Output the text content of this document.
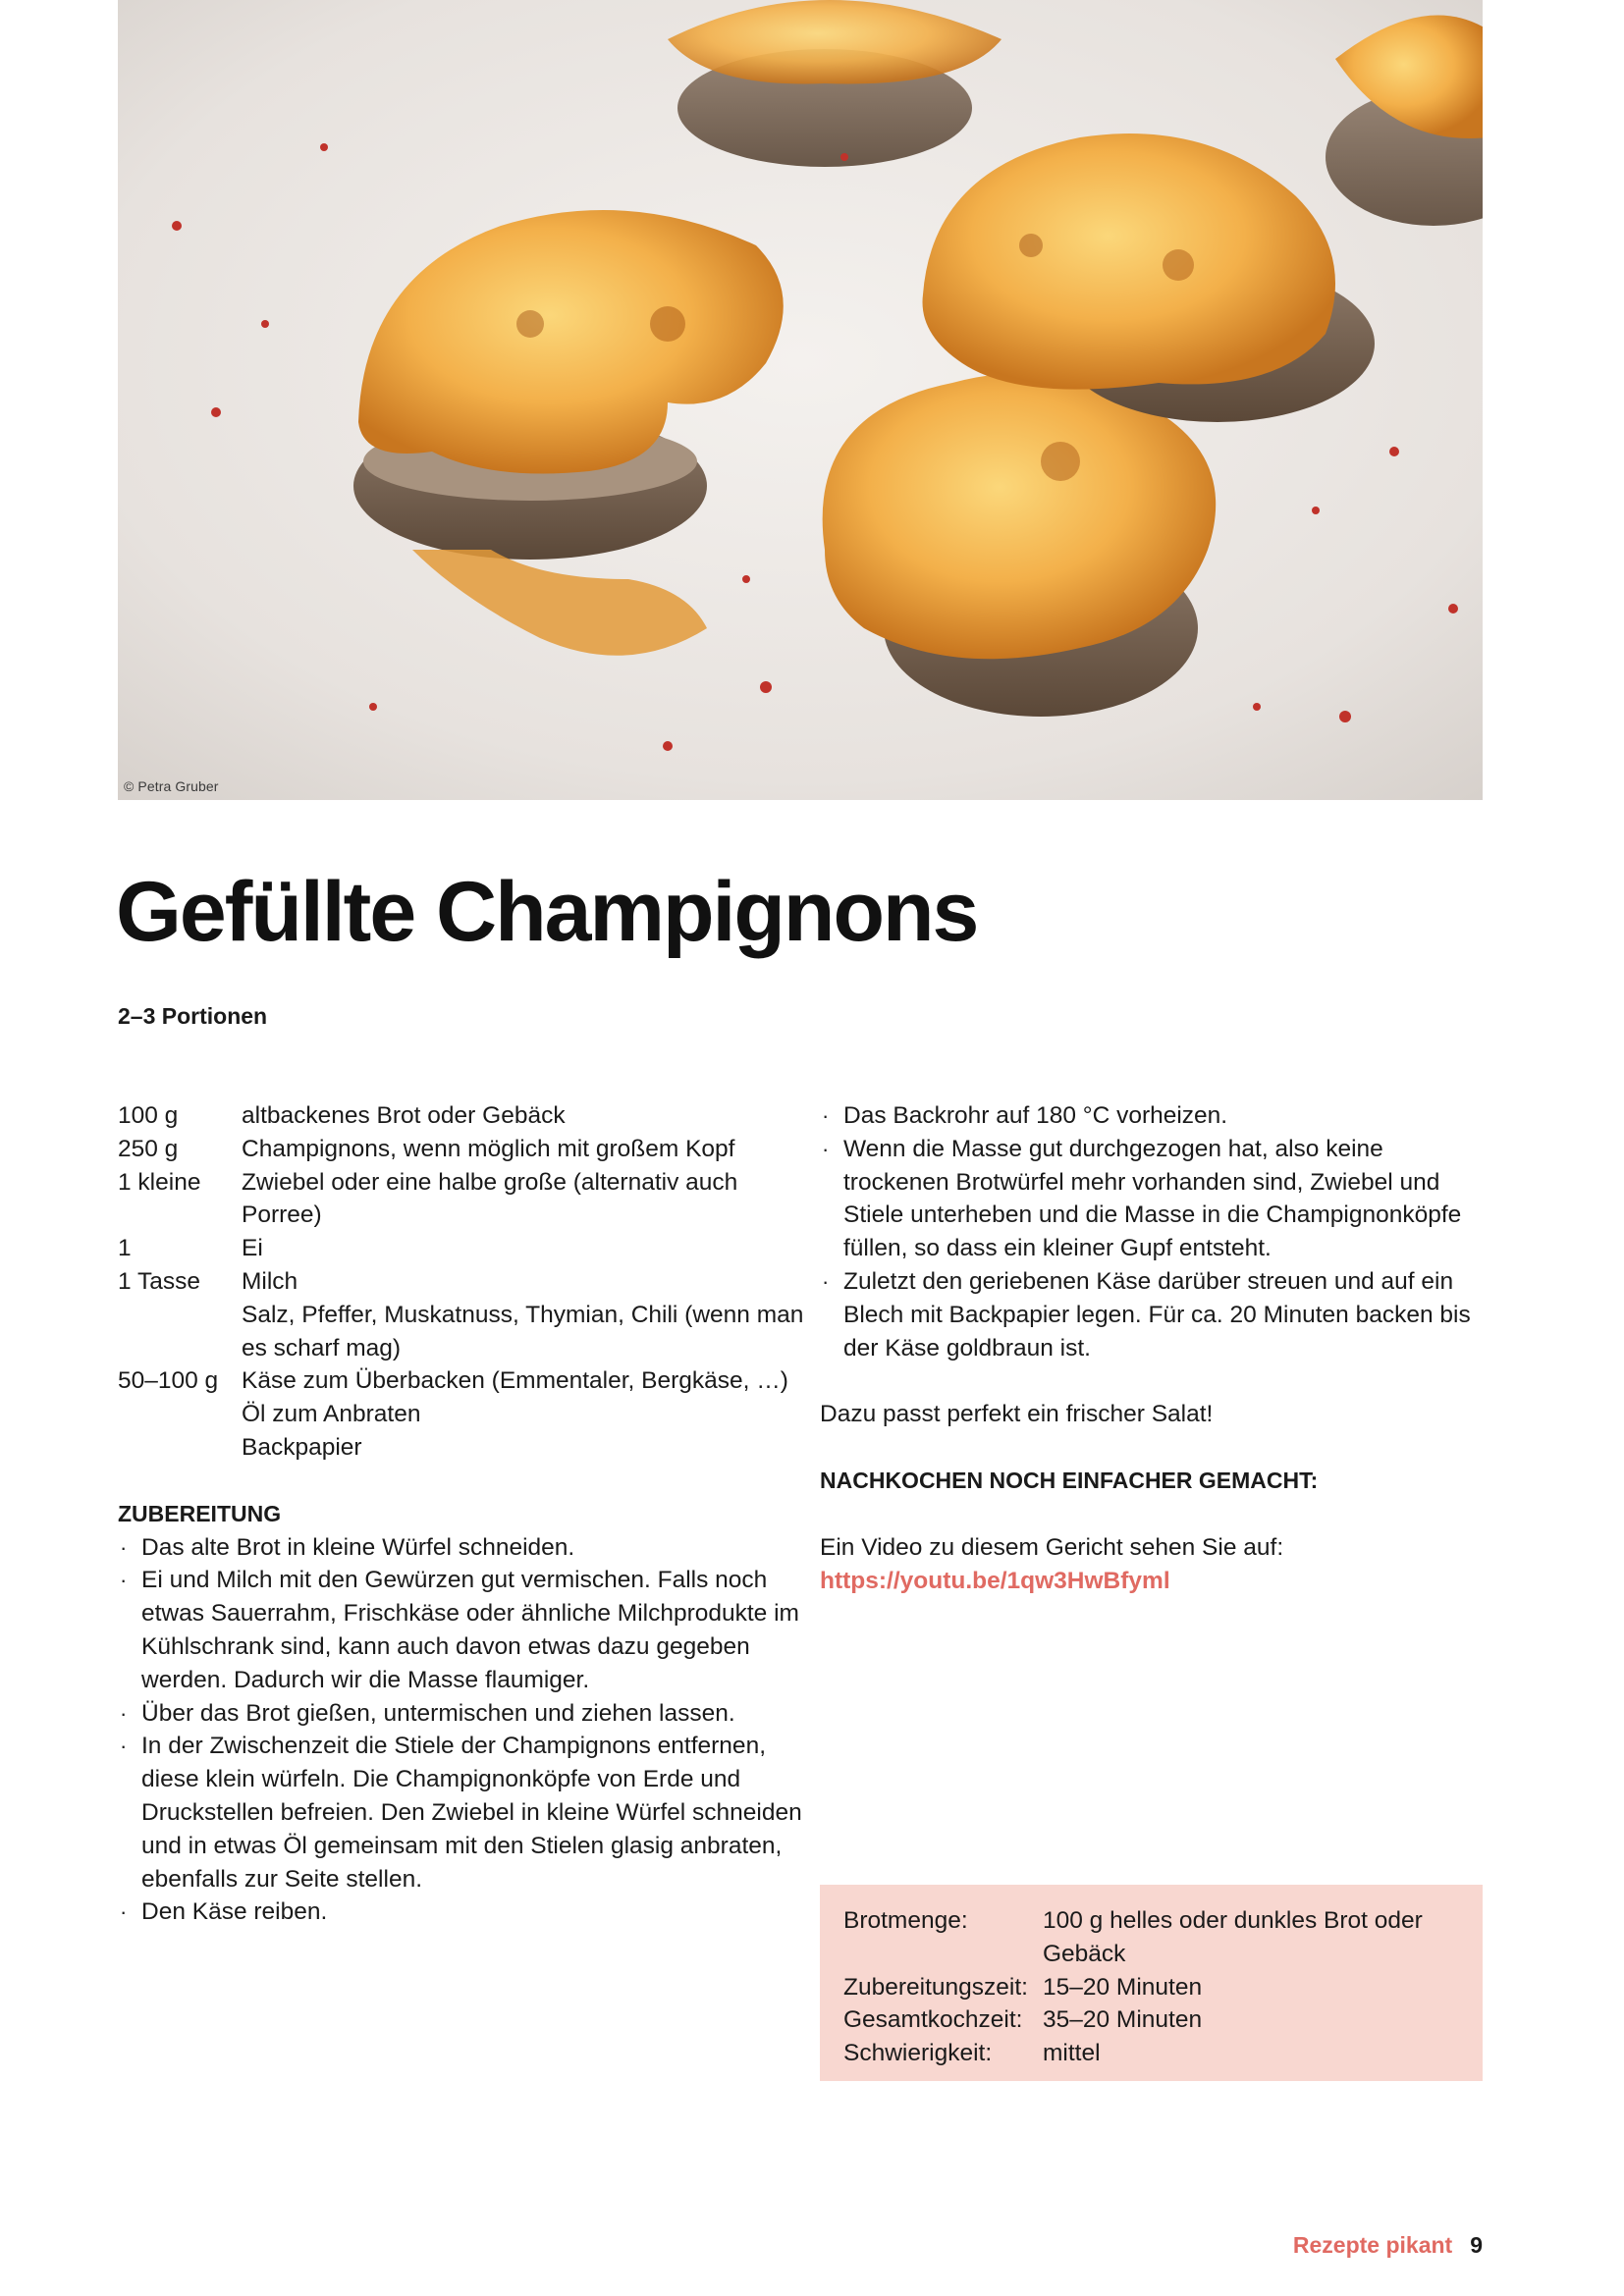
© Petra Gruber
Gefüllte Champignons
2–3 Portionen
100 g	altbackenes Brot oder Gebäck
250 g	Champignons, wenn möglich mit großem Kopf
1 kleine	Zwiebel oder eine halbe große (alternativ auch Porree)
1	Ei
1 Tasse	Milch
Salz, Pfeffer, Muskatnuss, Thymian, Chili (wenn man es scharf mag)
50–100 g Käse zum Überbacken (Emmentaler, Bergkäse, …)
Öl zum Anbraten
Backpapier
ZUBEREITUNG
· Das alte Brot in kleine Würfel schneiden.
· Ei und Milch mit den Gewürzen gut vermischen. Falls noch etwas Sauerrahm, Frischkäse oder ähnliche Milchprodukte im Kühlschrank sind, kann auch davon etwas dazu gegeben werden. Dadurch wir die Masse flaumiger.
· Über das Brot gießen, untermischen und ziehen lassen.
· In der Zwischenzeit die Stiele der Champignons entfernen, diese klein würfeln. Die Champignonköpfe von Erde und Druckstellen befreien. Den Zwiebel in kleine Würfel schneiden und in etwas Öl gemeinsam mit den Stielen glasig anbraten, ebenfalls zur Seite stellen.
· Den Käse reiben.
· Das Backrohr auf 180 °C vorheizen.
· Wenn die Masse gut durchgezogen hat, also keine trockenen Brotwürfel mehr vorhanden sind, Zwiebel und Stiele unterheben und die Masse in die Champignonköpfe füllen, so dass ein kleiner Gupf entsteht.
· Zuletzt den geriebenen Käse darüber streuen und auf ein Blech mit Backpapier legen. Für ca. 20 Minuten backen bis der Käse goldbraun ist.

Dazu passt perfekt ein frischer Salat!

NACHKOCHEN NOCH EINFACHER GEMACHT:

Ein Video zu diesem Gericht sehen Sie auf:
https://youtu.be/1qw3HwBfyml

Brotmenge:	100 g helles oder dunkles Brot oder Gebäck
Zubereitungszeit: 15–20 Minuten
Gesamtkochzeit: 35–20 Minuten
Schwierigkeit:	mittel
Rezepte pikant 9
